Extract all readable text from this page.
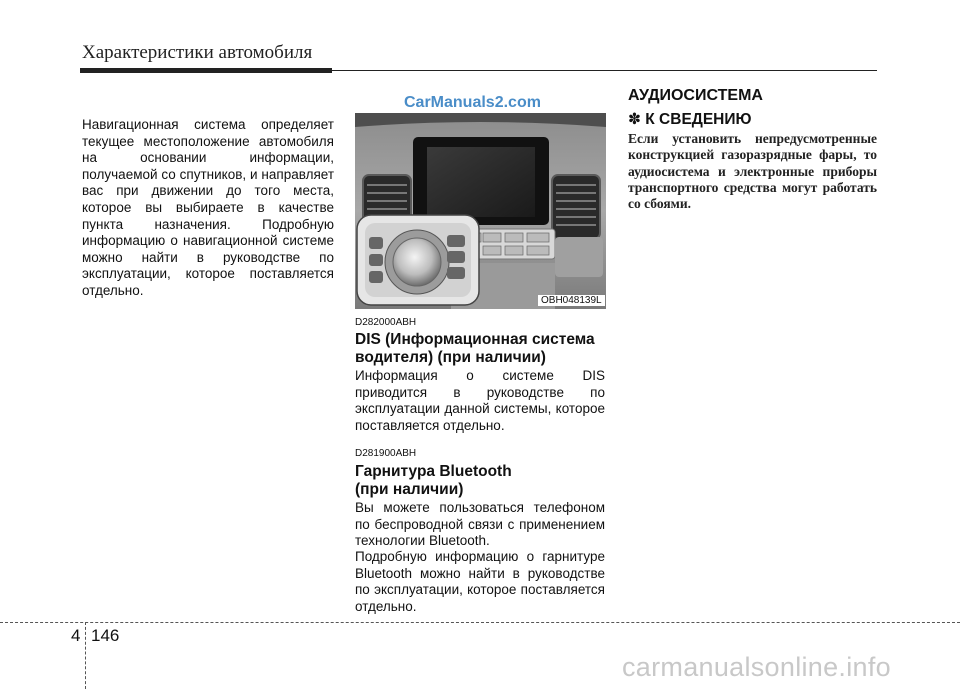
Характеристики автомобиля
Навигационная система определяет текущее местоположение автомобиля на основании информации, получаемой со спутников, и направляет вас при движении до того места, которое вы выбираете в качестве пункта назначения. Подробную информацию о навигационной системе можно найти в руководстве по эксплуатации, которое поставляется отдельно.
CarManuals2.com
OBH048139L
D282000ABH
DIS (Информационная система водителя) (при наличии)
Информация о системе DIS приводится в руководстве по эксплуатации данной системы, которое поставляется отдельно.
D281900ABH
Гарнитура Bluetooth
(при наличии)
Вы можете пользоваться телефоном по беспроводной связи с применением технологии Bluetooth.
Подробную информацию о гарнитуре Bluetooth можно найти в руководстве по эксплуатации, которое поставляется отдельно.
АУДИОСИСТЕМА
✽ К СВЕДЕНИЮ
Если установить непредусмотренные конструкцией газоразрядные фары, то аудиосистема и электронные приборы транспортного средства могут работать со сбоями.
4 146
carmanualsonline.info
